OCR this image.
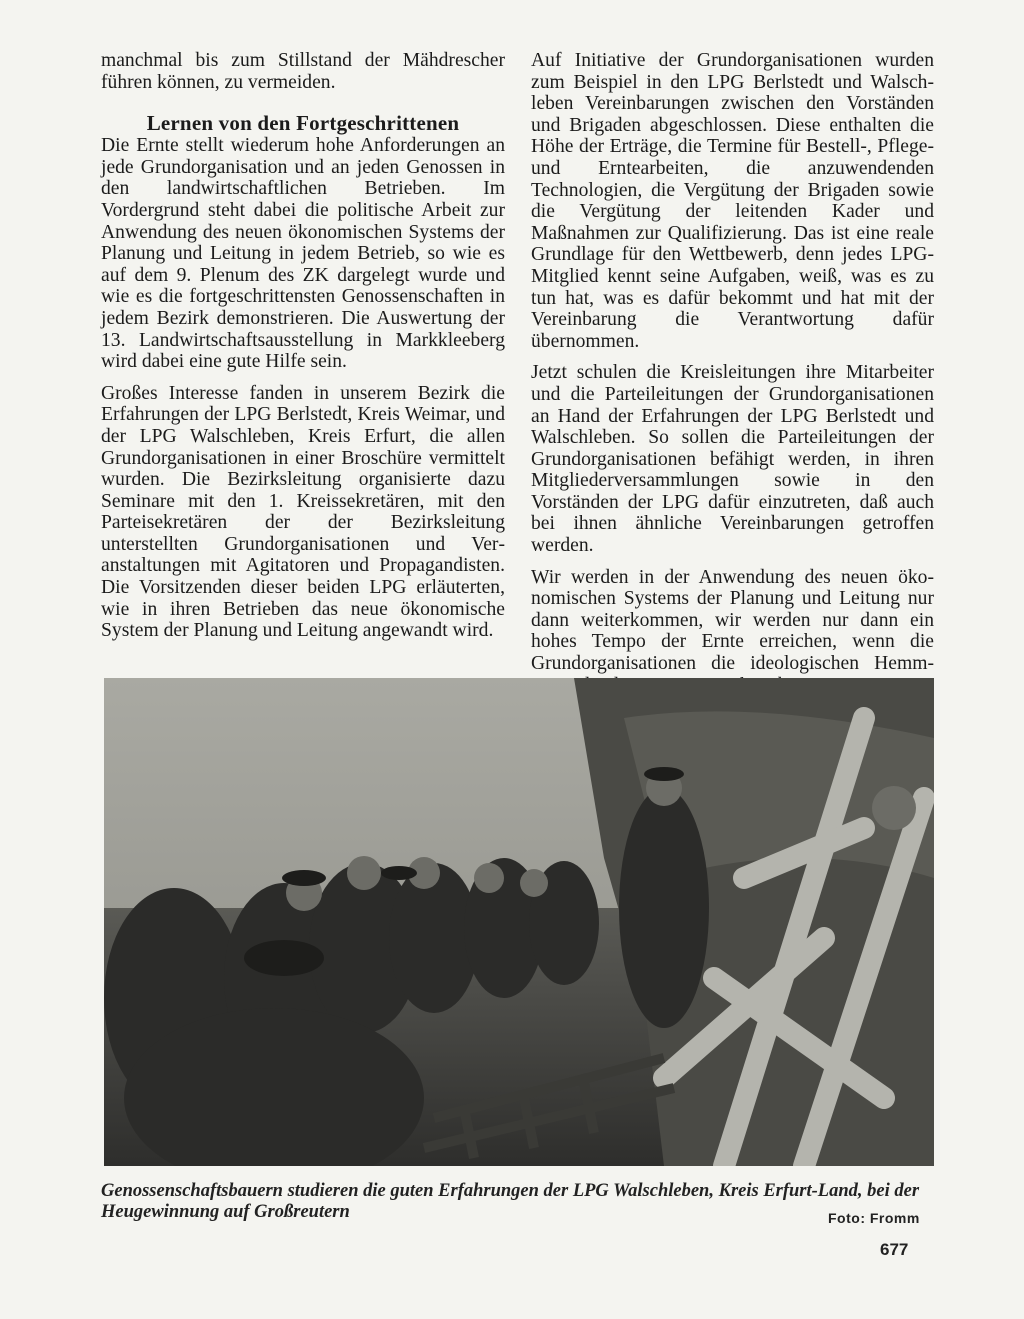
manchmal bis zum Stillstand der Mähdrescher führen können, zu vermeiden.

Lernen von den Fortgeschrittenen

Die Ernte stellt wiederum hohe Anforderungen an jede Grundorganisation und an jeden Genossen in den landwirtschaftlichen Betrieben. Im Vordergrund steht dabei die politische Arbeit zur Anwendung des neuen ökonomischen Systems der Planung und Leitung in jedem Betrieb, so wie es auf dem 9. Plenum des ZK dargelegt wurde und wie es die fortgeschrittensten Genossenschaften in jedem Bezirk demonstrieren. Die Auswertung der 13. Landwirtschaftsausstellung in Markkleeberg wird dabei eine gute Hilfe sein.

Großes Interesse fanden in unserem Bezirk die Erfahrungen der LPG Berlstedt, Kreis Weimar, und der LPG Walschleben, Kreis Erfurt, die allen Grundorganisationen in einer Broschüre vermittelt wurden. Die Bezirksleitung organisierte dazu Seminare mit den 1. Kreissekretären, mit den Parteisekretären der der Bezirksleitung unterstellten Grundorganisationen und Veranstaltungen mit Agitatoren und Propagandisten. Die Vorsitzenden dieser beiden LPG erläuterten, wie in ihren Betrieben das neue ökonomische System der Planung und Leitung angewandt wird.

Auf Initiative der Grundorganisationen wurden zum Beispiel in den LPG Berlstedt und Walschleben Vereinbarungen zwischen den Vorständen und Brigaden abgeschlossen. Diese enthalten die Höhe der Erträge, die Termine für Bestell-, Pflege- und Erntearbeiten, die anzuwendenden Technologien, die Vergütung der Brigaden sowie die Vergütung der leitenden Kader und Maßnahmen zur Qualifizierung. Das ist eine reale Grundlage für den Wettbewerb, denn jedes LPG-Mitglied kennt seine Aufgaben, weiß, was es zu tun hat, was es dafür bekommt und hat mit der Vereinbarung die Verantwortung dafür übernommen.

Jetzt schulen die Kreisleitungen ihre Mitarbeiter und die Parteileitungen der Grundorganisationen an Hand der Erfahrungen der LPG Berlstedt und Walschleben. So sollen die Parteileitungen der Grundorganisationen befähigt werden, in ihren Mitgliederversammlungen sowie in den Vorständen der LPG dafür einzutreten, daß auch bei ihnen ähnliche Vereinbarungen getroffen werden.

Wir werden in der Anwendung des neuen ökonomischen Systems der Planung und Leitung nur dann weiterkommen, wir werden nur dann ein hohes Tempo der Ernte erreichen, wenn die Grundorganisationen die ideologischen Hemm

Genossenschaftsbauern studieren die guten Erfahrungen der LPG Walschleben, Kreis Erfurt-Land, bei der Heugewinnung auf Großreutern	Foto: Fromm
677
